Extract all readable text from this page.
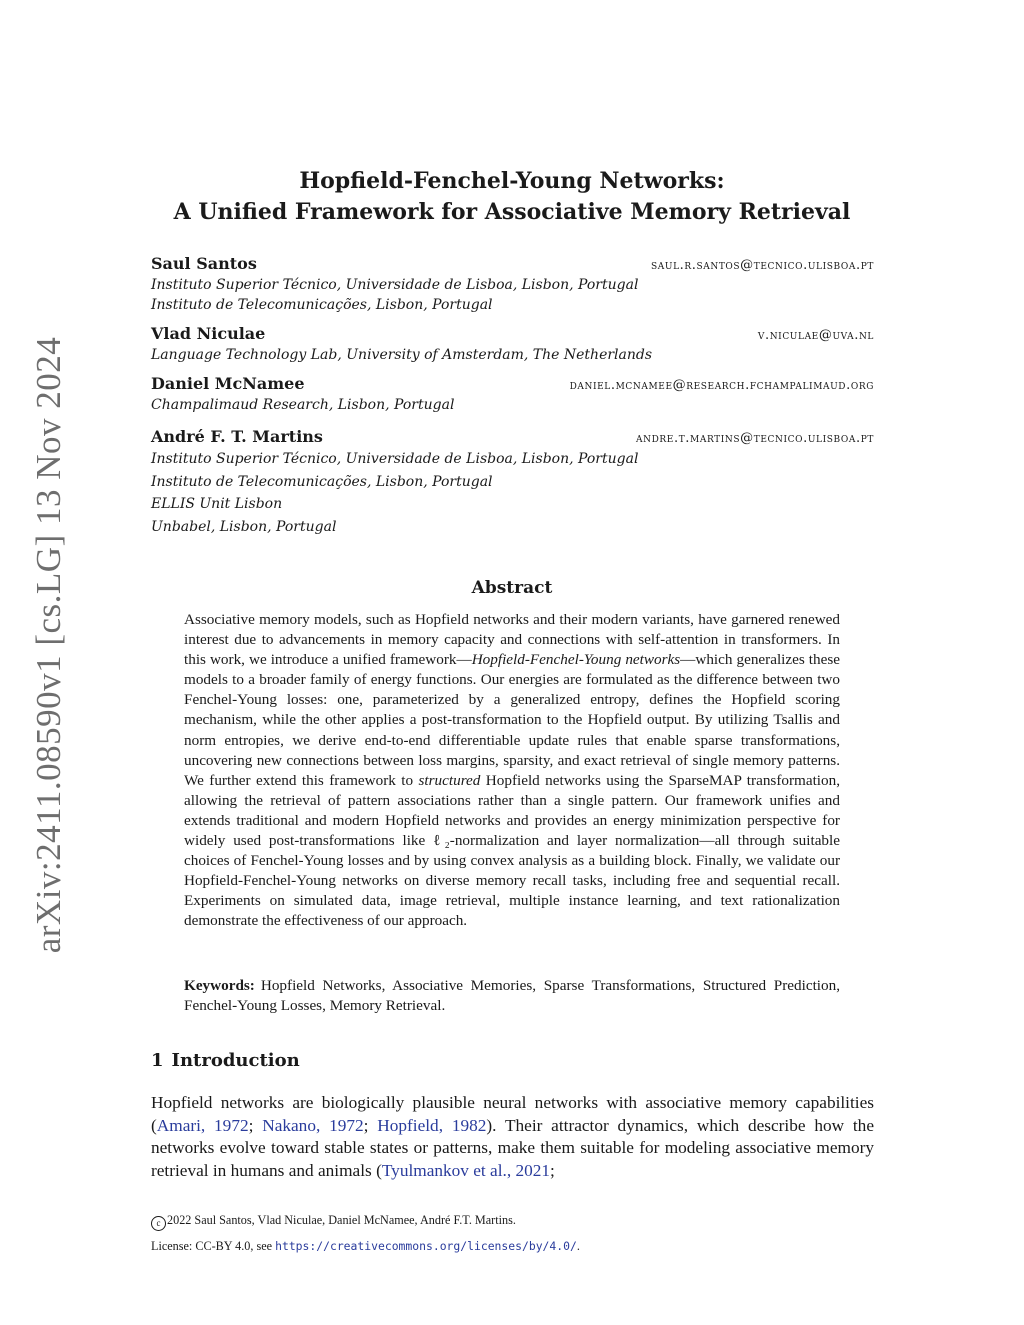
arXiv:2411.08590v1 [cs.LG] 13 Nov 2024
Hopfield-Fenchel-Young Networks:
A Unified Framework for Associative Memory Retrieval
Saul Santos	saul.r.santos@tecnico.ulisboa.pt
Instituto Superior Técnico, Universidade de Lisboa, Lisbon, Portugal
Instituto de Telecomunicações, Lisbon, Portugal
Vlad Niculae	v.niculae@uva.nl
Language Technology Lab, University of Amsterdam, The Netherlands
Daniel McNamee	daniel.mcnamee@research.fchampalimaud.org
Champalimaud Research, Lisbon, Portugal
André F. T. Martins	andre.t.martins@tecnico.ulisboa.pt
Instituto Superior Técnico, Universidade de Lisboa, Lisbon, Portugal
Instituto de Telecomunicações, Lisbon, Portugal
ELLIS Unit Lisbon
Unbabel, Lisbon, Portugal
Abstract
Associative memory models, such as Hopfield networks and their modern variants, have garnered renewed interest due to advancements in memory capacity and connections with self-attention in transformers. In this work, we introduce a unified framework—Hopfield-Fenchel-Young networks—which generalizes these models to a broader family of energy functions. Our energies are formulated as the difference between two Fenchel-Young losses: one, parameterized by a generalized entropy, defines the Hopfield scoring mechanism, while the other applies a post-transformation to the Hopfield output. By utilizing Tsallis and norm entropies, we derive end-to-end differentiable update rules that enable sparse transformations, uncovering new connections between loss margins, sparsity, and exact retrieval of single memory patterns. We further extend this framework to structured Hopfield networks using the SparseMAP transformation, allowing the retrieval of pattern associations rather than a single pattern. Our framework unifies and extends traditional and modern Hopfield networks and provides an energy minimization perspective for widely used post-transformations like ℓ₂-normalization and layer normalization—all through suitable choices of Fenchel-Young losses and by using convex analysis as a building block. Finally, we validate our Hopfield-Fenchel-Young networks on diverse memory recall tasks, including free and sequential recall. Experiments on simulated data, image retrieval, multiple instance learning, and text rationalization demonstrate the effectiveness of our approach.
Keywords: Hopfield Networks, Associative Memories, Sparse Transformations, Structured Prediction, Fenchel-Young Losses, Memory Retrieval.
1 Introduction
Hopfield networks are biologically plausible neural networks with associative memory capabilities (Amari, 1972; Nakano, 1972; Hopfield, 1982). Their attractor dynamics, which describe how the networks evolve toward stable states or patterns, make them suitable for modeling associative memory retrieval in humans and animals (Tyulmankov et al., 2021;
c 2022 Saul Santos, Vlad Niculae, Daniel McNamee, André F.T. Martins.
License: CC-BY 4.0, see https://creativecommons.org/licenses/by/4.0/.
